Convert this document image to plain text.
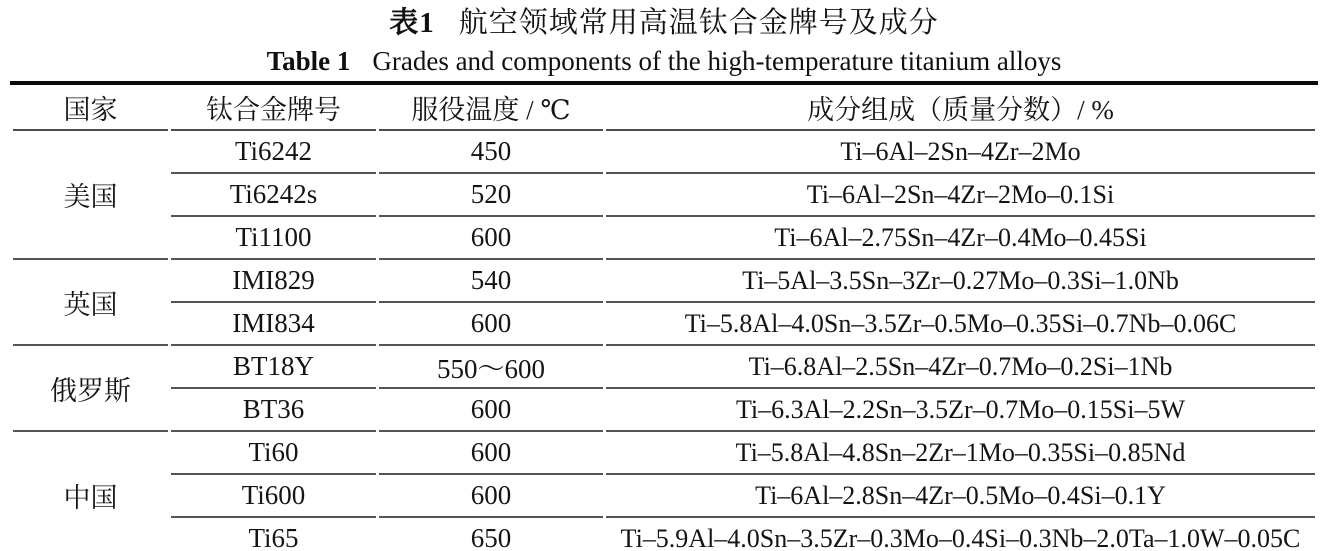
表1 航空领域常用高温钛合金牌号及成分
Table 1 Grades and components of the high-temperature titanium alloys
国家	钛合金牌号	服役温度 / ℃	成分组成（质量分数）/ %
美国	Ti6242	450	Ti–6Al–2Sn–4Zr–2Mo
	Ti6242s	520	Ti–6Al–2Sn–4Zr–2Mo–0.1Si
	Ti1100	600	Ti–6Al–2.75Sn–4Zr–0.4Mo–0.45Si
英国	IMI829	540	Ti–5Al–3.5Sn–3Zr–0.27Mo–0.3Si–1.0Nb
	IMI834	600	Ti–5.8Al–4.0Sn–3.5Zr–0.5Mo–0.35Si–0.7Nb–0.06C
俄罗斯	BT18Y	550～600	Ti–6.8Al–2.5Sn–4Zr–0.7Mo–0.2Si–1Nb
	BT36	600	Ti–6.3Al–2.2Sn–3.5Zr–0.7Mo–0.15Si–5W
中国	Ti60	600	Ti–5.8Al–4.8Sn–2Zr–1Mo–0.35Si–0.85Nd
	Ti600	600	Ti–6Al–2.8Sn–4Zr–0.5Mo–0.4Si–0.1Y
	Ti65	650	Ti–5.9Al–4.0Sn–3.5Zr–0.3Mo–0.4Si–0.3Nb–2.0Ta–1.0W–0.05C
